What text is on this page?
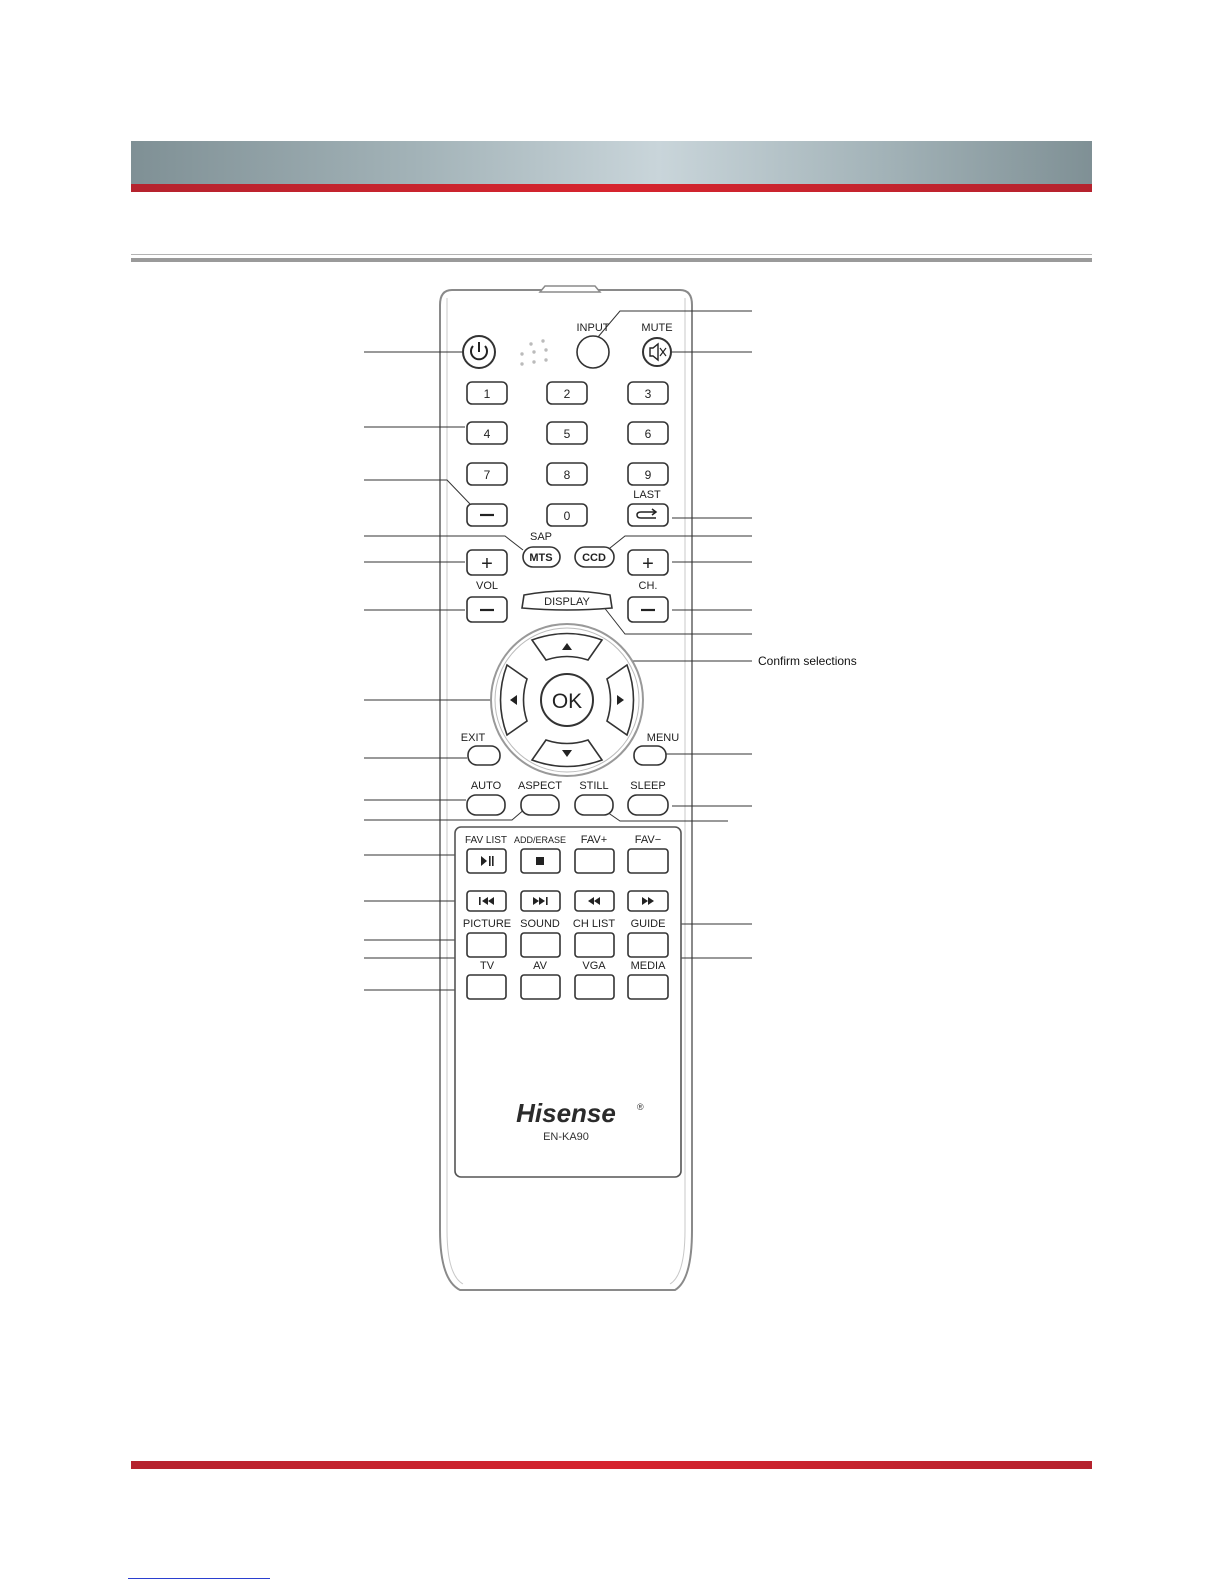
INPUT	MUTE
1	2	3
4	5	6
7	8	9
0
LAST
SAP
MTS	CCD
+
VOL
+
CH.
DISPLAY
OK
EXIT	MENU
AUTO ASPECT STILL SLEEP
FAV LIST ADD/ERASE FAV+	FAV−
PICTURE SOUND CH LIST GUIDE
TV	AV	VGA MEDIA
Hisense ®
EN-KA90
Confirm selections
